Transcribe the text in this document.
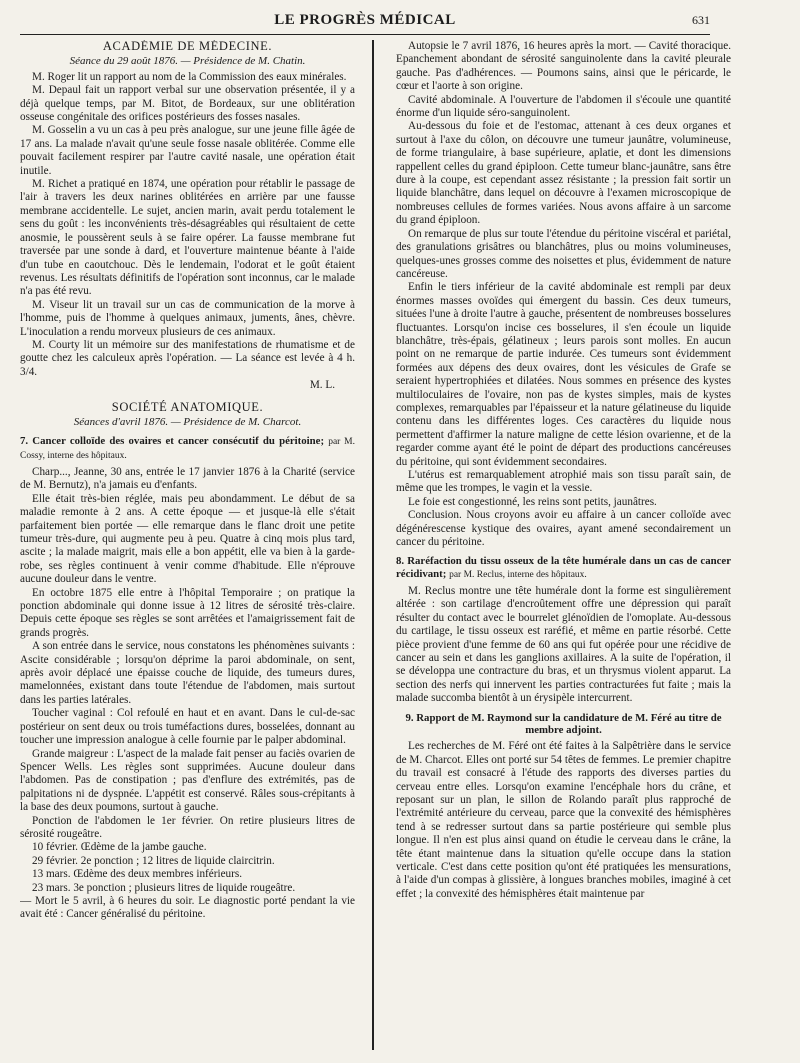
LE PROGRÈS MÉDICAL	631
ACADÉMIE DE MÉDECINE.
Séance du 29 août 1876. — Présidence de M. Chatin.

M. Roger lit un rapport au nom de la Commission des eaux minérales.

M. Depaul fait un rapport verbal sur une observation présentée, il y a déjà quelque temps, par M. Bitot, de Bordeaux, sur une oblitération osseuse congénitale des orifices postérieurs des fosses nasales.

M. Gosselin a vu un cas à peu près analogue, sur une jeune fille âgée de 17 ans. La malade n'avait qu'une seule fosse nasale oblitérée. Comme elle pouvait facilement respirer par l'autre cavité nasale, une opération était inutile.

M. Richet a pratiqué en 1874, une opération pour rétablir le passage de l'air à travers les deux narines oblitérées en arrière par une fausse membrane accidentelle. Le sujet, ancien marin, avait perdu totalement le sens du goût : les inconvénients très-désagréables qui résultaient de cette anosmie, le poussèrent seuls à se faire opérer. La fausse membrane fut traversée par une sonde à dard, et l'ouverture maintenue béante à l'aide d'un tube en caoutchouc. Dès le lendemain, l'odorat et le goût étaient revenus. Les résultats définitifs de l'opération sont inconnus, car le malade n'a pas été revu.

M. Viseur lit un travail sur un cas de communication de la morve à l'homme, puis de l'homme à quelques animaux, juments, ânes, chèvre. L'inoculation a rendu morveux plusieurs de ces animaux.

M. Courty lit un mémoire sur des manifestations de rhumatisme et de goutte chez les calculeux après l'opération. — La séance est levée à 4 h. 3/4.

M. L.
SOCIÉTÉ ANATOMIQUE.
Séances d'avril 1876. — Présidence de M. Charcot.
7. Cancer colloïde des ovaires et cancer consécutif du péritoine; par M. Cossy, interne des hôpitaux.

Charp..., Jeanne, 30 ans, entrée le 17 janvier 1876 à la Charité (service de M. Bernutz), n'a jamais eu d'enfants.

Elle était très-bien réglée, mais peu abondamment. Le début de sa maladie remonte à 2 ans. A cette époque — et jusque-là elle s'était parfaitement bien portée — elle remarque dans le flanc droit une petite tumeur très-dure, qui augmente peu à peu. Quatre à cinq mois plus tard, ascite ; la malade maigrit, mais elle a bon appétit, elle va bien à la garde-robe, ses règles continuent à venir comme d'habitude. Elle n'éprouve aucune douleur dans le ventre.

En octobre 1875 elle entre à l'hôpital Temporaire ; on pratique la ponction abdominale qui donne issue à 12 litres de sérosité très-claire. Depuis cette époque ses règles se sont arrêtées et l'amaigrissement fait de grands progrès.

A son entrée dans le service, nous constatons les phénomènes suivants : Ascite considérable ; lorsqu'on déprime la paroi abdominale, on sent, après avoir déplacé une épaisse couche de liquide, des tumeurs dures, mamelonnées, existant dans toute l'étendue de l'abdomen, mais surtout dans les parties latérales.

Toucher vaginal : Col refoulé en haut et en avant. Dans le cul-de-sac postérieur on sent deux ou trois tuméfactions dures, bosselées, donnant au toucher une impression analogue à celle fournie par le palper abdominal.

Grande maigreur : L'aspect de la malade fait penser au faciès ovarien de Spencer Wells. Les règles sont supprimées. Aucune douleur dans l'abdomen. Pas de constipation ; pas d'enflure des extrémités, pas de palpitations ni de dyspnée. L'appétit est conservé. Râles sous-crépitants à la base des deux poumons, surtout à gauche.

Ponction de l'abdomen le 1er février. On retire plusieurs litres de sérosité rougeâtre.

10 février. Œdème de la jambe gauche.

29 février. 2e ponction ; 12 litres de liquide claircitrin.

13 mars. Œdème des deux membres inférieurs.

23 mars. 3e ponction ; plusieurs litres de liquide rougeâtre.

— Mort le 5 avril, à 6 heures du soir. Le diagnostic porté pendant la vie avait été : Cancer généralisé du péritoine.

Autopsie le 7 avril 1876, 16 heures après la mort. — Cavité thoracique. Epanchement abondant de sérosité sanguinolente dans la cavité pleurale gauche. Pas d'adhérences. — Poumons sains, ainsi que le péricarde, le cœur et l'aorte à son origine.

Cavité abdominale. A l'ouverture de l'abdomen il s'écoule une quantité énorme d'un liquide séro-sanguinolent.

Au-dessous du foie et de l'estomac, attenant à ces deux organes et surtout à l'axe du côlon, on découvre une tumeur jaunâtre, volumineuse, de forme triangulaire, à base supérieure, aplatie, et dont les dimensions rappellent celles du grand épiploon. Cette tumeur blanc-jaunâtre, sans être dure à la coupe, est cependant assez résistante ; la pression fait sortir un liquide blanchâtre, dans lequel on découvre à l'examen microscopique de nombreuses cellules de formes variées. Nous avons affaire à un sarcome du grand épiploon.

On remarque de plus sur toute l'étendue du péritoine viscéral et pariétal, des granulations grisâtres ou blanchâtres, plus ou moins volumineuses, quelques-unes grosses comme des noisettes et plus, évidemment de nature cancéreuse.

Enfin le tiers inférieur de la cavité abdominale est rempli par deux énormes masses ovoïdes qui émergent du bassin. Ces deux tumeurs, situées l'une à droite l'autre à gauche, présentent de nombreuses bosselures fluctuantes. Lorsqu'on incise ces bosselures, il s'en écoule un liquide blanchâtre, très-épais, gélatineux ; leurs parois sont molles. En aucun point on ne remarque de partie indurée. Ces tumeurs sont évidemment formées aux dépens des deux ovaires, dont les vésicules de Grafe se seraient hypertrophiées et dilatées. Nous sommes en présence des kystes multiloculaires de l'ovaire, non pas de kystes simples, mais de kystes complexes, remarquables par l'épaisseur et la nature gélatineuse du liquide contenu dans les différentes loges. Ces caractères du liquide nous permettent d'affirmer la nature maligne de cette lésion ovarienne, et de la regarder comme ayant été le point de départ des productions cancéreuses du péritoine, qui sont évidemment secondaires.

L'utérus est remarquablement atrophié mais son tissu paraît sain, de même que les trompes, le vagin et la vessie.

Le foie est congestionné, les reins sont petits, jaunâtres.

Conclusion. Nous croyons avoir eu affaire à un cancer colloïde avec dégénérescense kystique des ovaires, ayant amené secondairement un cancer du péritoine.

8. Raréfaction du tissu osseux de la tête humérale dans un cas de cancer récidivant; par M. Reclus, interne des hôpitaux.

M. Reclus montre une tête humérale dont la forme est singulièrement altérée : son cartilage d'encroûtement offre une dépression qui paraît résulter du contact avec le bourrelet glénoïdien de l'omoplate. Au-dessous du cartilage, le tissu osseux est raréfié, et même en partie résorbé. Cette pièce provient d'une femme de 60 ans qui fut opérée pour une récidive de cancer au sein et dans les ganglions axillaires. A la suite de l'opération, il se développa une contracture du bras, et un thrysmus violent apparut. La section des nerfs qui innervent les parties contracturées fut faite ; mais la malade succomba bientôt à un érysipèle intercurrent.

9. Rapport de M. Raymond sur la candidature de M. Féré au titre de membre adjoint.

Les recherches de M. Féré ont été faites à la Salpêtrière dans le service de M. Charcot. Elles ont porté sur 54 têtes de femmes. Le premier chapitre du travail est consacré à l'étude des rapports des diverses parties du cerveau entre elles. Lorsqu'on examine l'encéphale hors du crâne, et reposant sur un plan, le sillon de Rolando paraît plus rapproché de l'extrémité antérieure du cerveau, parce que la convexité des hémisphères tend à se redresser surtout dans sa partie postérieure qui semble plus longue. Il n'en est plus ainsi quand on étudie le cerveau dans le crâne, la tête étant maintenue dans la situation qu'elle occupe dans la station verticale. C'est dans cette position qu'ont été pratiquées les mensurations, à l'aide d'un compas à glissière, à longues branches mobiles, imaginé à cet effet ; la convexité des hémisphères était maintenue par
